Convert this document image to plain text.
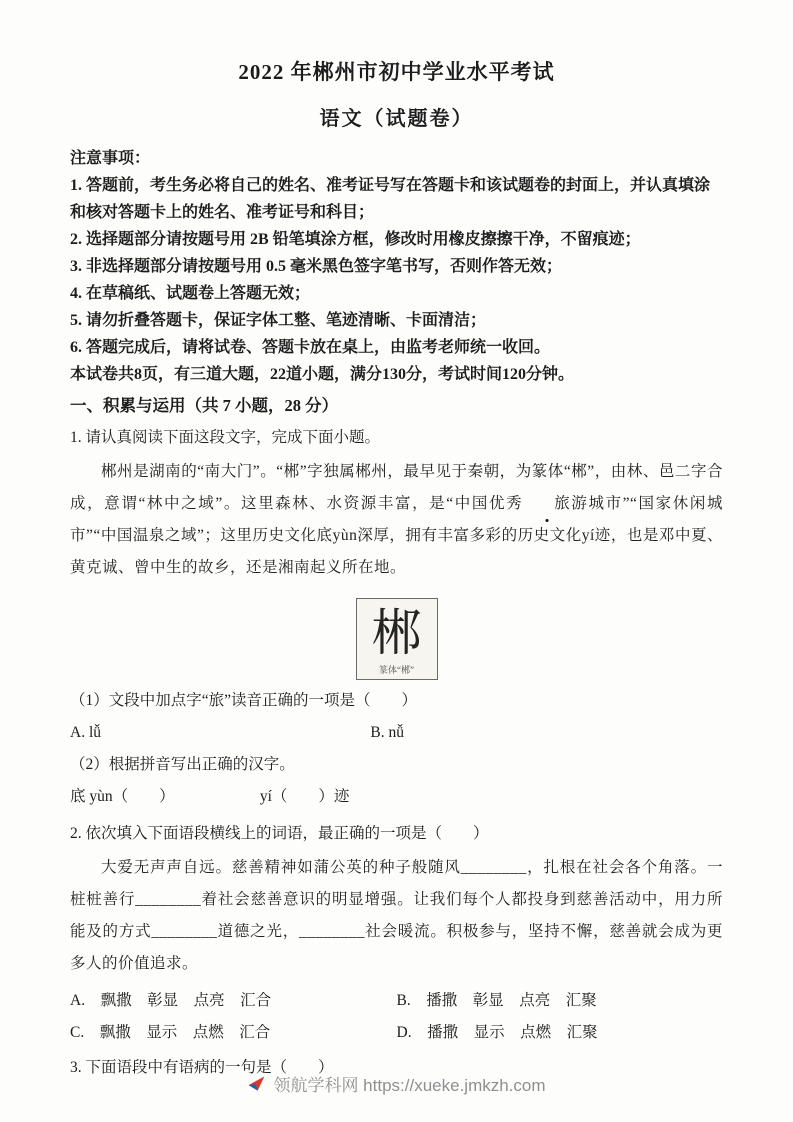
2022 年郴州市初中学业水平考试
语文（试题卷）

注意事项：

1. 答题前，考生务必将自己的姓名、准考证号写在答题卡和该试题卷的封面上，并认真填涂和核对答题卡上的姓名、准考证号和科目；

2. 选择题部分请按题号用 2B 铅笔填涂方框，修改时用橡皮擦擦干净，不留痕迹；

3. 非选择题部分请按题号用 0.5 毫米黑色签字笔书写，否则作答无效；

4. 在草稿纸、试题卷上答题无效；

5. 请勿折叠答题卡，保证字体工整、笔迹清晰、卡面清洁；

6. 答题完成后，请将试卷、答题卡放在桌上，由监考老师统一收回。

本试卷共8页，有三道大题，22道小题，满分130分，考试时间120分钟。

一、积累与运用（共 7 小题，28 分）

1. 请认真阅读下面这段文字，完成下面小题。

郴州是湖南的“南大门”。“郴”字独属郴州，最早见于秦朝，为篆体“郴”，由林、邑二字合成，意谓“林中之域”。这里森林、水资源丰富，是“中国优秀 旅游城市”“国家休闲城市”“中国温泉之域”；这里历史文化底yùn深厚，拥有丰富多彩的历史文化yí迹，也是邓中夏、黄克诚、曾中生的故乡，还是湘南起义所在地。

郴
篆体“郴”

（1）文段中加点字“旅”读音正确的一项是（　　）

A. lǚ	B. nǚ

（2）根据拼音写出正确的汉字。

底 yùn（　　）　　　　　　yí（　　）迹

2. 依次填入下面语段横线上的词语，最正确的一项是（　　）

大爱无声声自远。慈善精神如蒲公英的种子般随风________，扎根在社会各个角落。一桩桩善行________着社会慈善意识的明显增强。让我们每个人都投身到慈善活动中，用力所能及的方式________道德之光，________社会暖流。积极参与，坚持不懈，慈善就会成为更多人的价值追求。

A.　飘撒　彰显　点亮　汇合	B.　播撒　彰显　点亮　汇聚
C.　飘撒　显示　点燃　汇合	D.　播撒　显示　点燃　汇聚

3. 下面语段中有语病的一句是（　　）

领航学科网 https://xueke.jmkzh.com
